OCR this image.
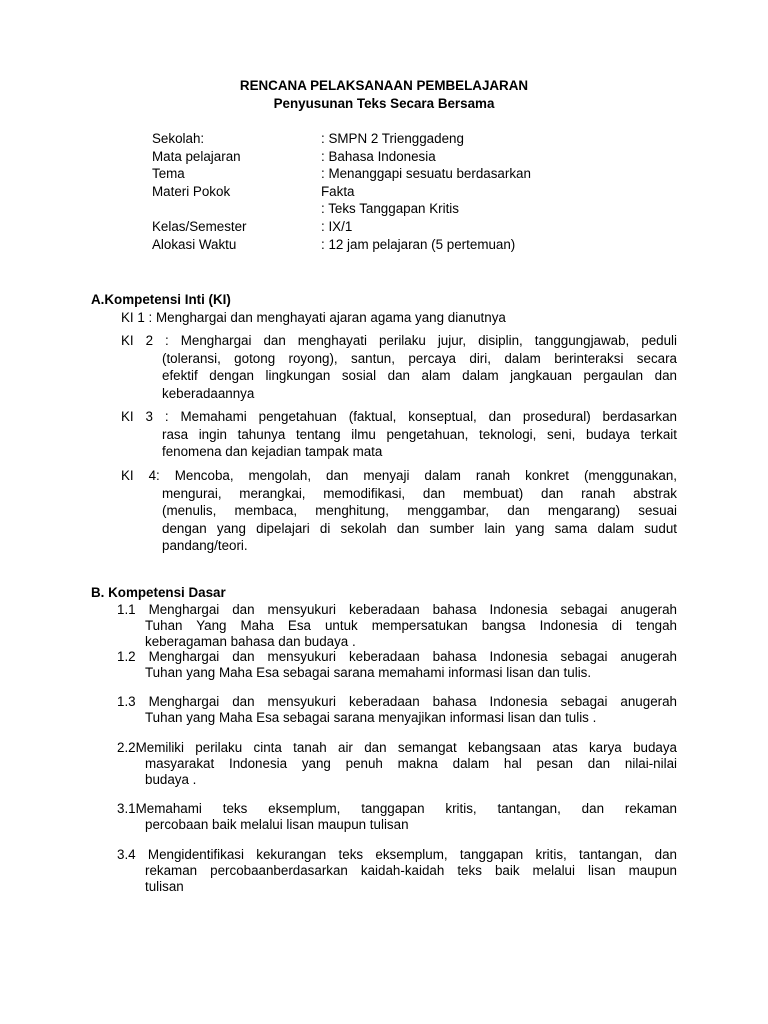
RENCANA PELAKSANAAN PEMBELAJARAN
Penyusunan Teks Secara Bersama
Sekolah:	: SMPN 2 Trienggadeng
Mata pelajaran	: Bahasa Indonesia
Tema	: Menanggapi sesuatu berdasarkan
Materi Pokok	Fakta
: Teks Tanggapan Kritis
Kelas/Semester	: IX/1
Alokasi Waktu	: 12 jam pelajaran (5 pertemuan)
A.Kompetensi Inti (KI)
KI 1 : Menghargai dan menghayati ajaran agama yang dianutnya
KI 2 : Menghargai dan menghayati perilaku jujur, disiplin, tanggungjawab, peduli
(toleransi, gotong royong), santun, percaya diri, dalam berinteraksi secara
efektif dengan lingkungan sosial dan alam dalam jangkauan pergaulan dan
keberadaannya
KI 3 : Memahami pengetahuan (faktual, konseptual, dan prosedural) berdasarkan
rasa ingin tahunya tentang ilmu pengetahuan, teknologi, seni, budaya terkait
fenomena dan kejadian tampak mata
KI 4: Mencoba, mengolah, dan menyaji dalam ranah konkret (menggunakan,
mengurai, merangkai, memodifikasi, dan membuat) dan ranah abstrak
(menulis, membaca, menghitung, menggambar, dan mengarang) sesuai
dengan yang dipelajari di sekolah dan sumber lain yang sama dalam sudut
pandang/teori.
B. Kompetensi Dasar
1.1 Menghargai dan mensyukuri keberadaan bahasa Indonesia sebagai anugerah
Tuhan Yang Maha Esa untuk mempersatukan bangsa Indonesia di tengah
keberagaman bahasa dan budaya .
1.2 Menghargai dan mensyukuri keberadaan bahasa Indonesia sebagai anugerah
Tuhan yang Maha Esa sebagai sarana memahami informasi lisan dan tulis.
1.3 Menghargai dan mensyukuri keberadaan bahasa Indonesia sebagai anugerah
Tuhan yang Maha Esa sebagai sarana menyajikan informasi lisan dan tulis .
2.2Memiliki perilaku cinta tanah air dan semangat kebangsaan atas karya budaya
masyarakat Indonesia yang penuh makna dalam hal pesan dan nilai-nilai
budaya .
3.1Memahami teks eksemplum, tanggapan kritis, tantangan, dan rekaman
percobaan baik melalui lisan maupun tulisan
3.4 Mengidentifikasi kekurangan teks eksemplum, tanggapan kritis, tantangan, dan
rekaman percobaanberdasarkan kaidah-kaidah teks baik melalui lisan maupun
tulisan
